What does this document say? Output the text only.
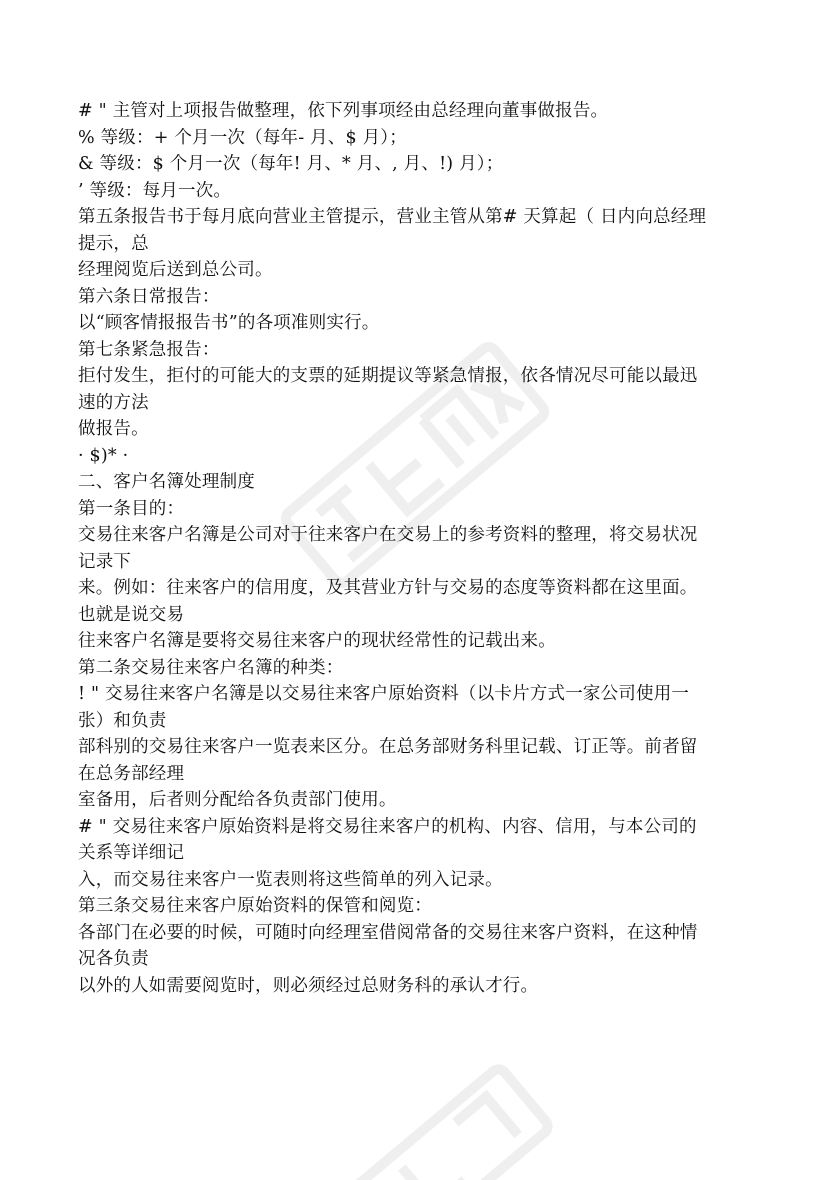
# " 主管对上项报告做整理，依下列事项经由总经理向董事做报告。
% 等级：+ 个月一次（每年- 月、$ 月）；
& 等级：$ 个月一次（每年! 月、* 月、, 月、!) 月）；
’ 等级：每月一次。
第五条报告书于每月底向营业主管提示，营业主管从第# 天算起（ 日内向总经理
提示，总
经理阅览后送到总公司。
第六条日常报告：
以“顾客情报报告书”的各项准则实行。
第七条紧急报告：
拒付发生，拒付的可能大的支票的延期提议等紧急情报，依各情况尽可能以最迅
速的方法
做报告。
· $)* ·
二、客户名簿处理制度
第一条目的：
交易往来客户名簿是公司对于往来客户在交易上的参考资料的整理，将交易状况
记录下
来。例如：往来客户的信用度，及其营业方针与交易的态度等资料都在这里面。
也就是说交易
往来客户名簿是要将交易往来客户的现状经常性的记载出来。
第二条交易往来客户名簿的种类：
! " 交易往来客户名簿是以交易往来客户原始资料（以卡片方式一家公司使用一
张）和负责
部科别的交易往来客户一览表来区分。在总务部财务科里记载、订正等。前者留
在总务部经理
室备用，后者则分配给各负责部门使用。
# " 交易往来客户原始资料是将交易往来客户的机构、内容、信用，与本公司的
关系等详细记
入，而交易往来客户一览表则将这些简单的列入记录。
第三条交易往来客户原始资料的保管和阅览：
各部门在必要的时候，可随时向经理室借阅常备的交易往来客户资料，在这种情
况各负责
以外的人如需要阅览时，则必须经过总财务科的承认才行。
